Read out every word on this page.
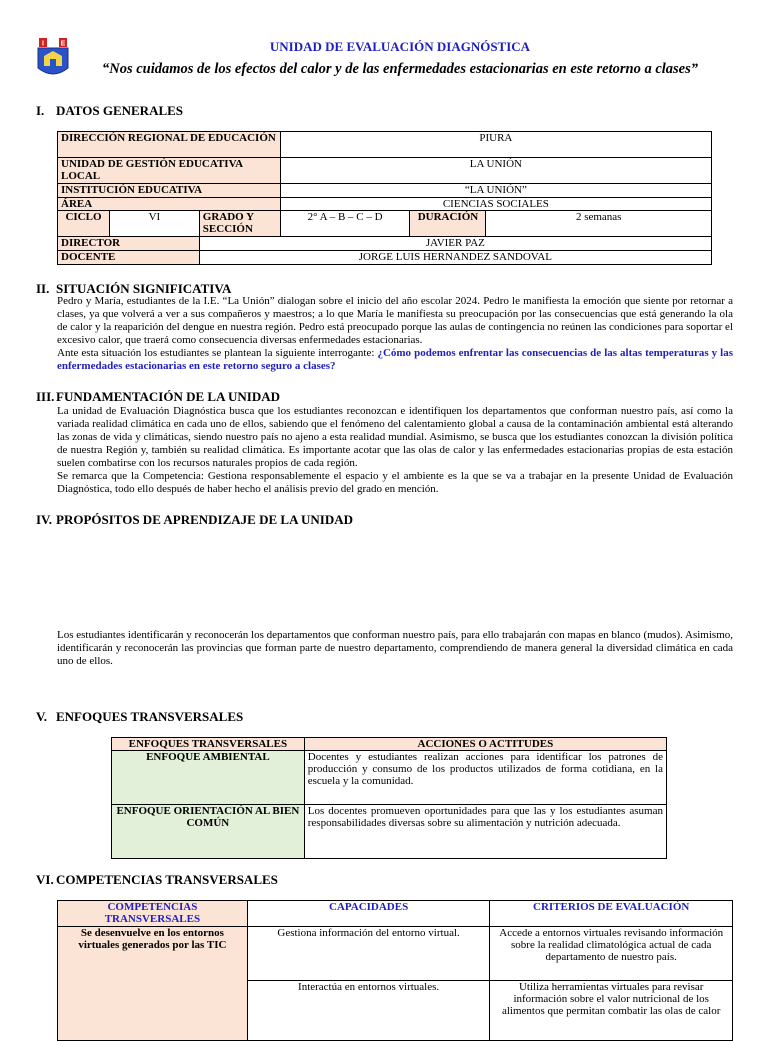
I E	UNIDAD DE EVALUACIÓN DIAGNÓSTICA
“Nos cuidamos de los efectos del calor y de las enfermedades estacionarias en este retorno a clases”
I. DATOS GENERALES
DIRECCIÓN REGIONAL DE EDUCACIÓN			PIURA		
UNIDAD DE GESTIÓN EDUCATIVA LOCAL			LA UNIÓN		
INSTITUCIÓN EDUCATIVA			“LA UNIÓN”		
ÁREA			CIENCIAS SOCIALES		
CICLO	VI	GRADO Y SECCIÓN	2° A – B – C – D	DURACIÓN	2 semanas
DIRECTOR		JAVIER PAZ			
DOCENTE		JORGE LUIS HERNANDEZ SANDOVAL			
II. SITUACIÓN SIGNIFICATIVA

Pedro y María, estudiantes de la I.E. “La Unión” dialogan sobre el inicio del año escolar 2024. Pedro le manifiesta la emoción que siente por retornar a clases, ya que volverá a ver a sus compañeros y maestros; a lo que María le manifiesta su preocupación por las consecuencias que está generando la ola de calor y la reaparición del dengue en nuestra región. Pedro está preocupado porque las aulas de contingencia no reúnen las condiciones para soportar el excesivo calor, que traerá como consecuencia diversas enfermedades estacionarias.

Ante esta situación los estudiantes se plantean la siguiente interrogante: ¿Cómo podemos enfrentar las consecuencias de las altas temperaturas y las enfermedades estacionarias en este retorno seguro a clases?

III. FUNDAMENTACIÓN DE LA UNIDAD

La unidad de Evaluación Diagnóstica busca que los estudiantes reconozcan e identifiquen los departamentos que conforman nuestro país, así como la variada realidad climática en cada uno de ellos, sabiendo que el fenómeno del calentamiento global a causa de la contaminación ambiental está alterando las zonas de vida y climáticas, siendo nuestro país no ajeno a esta realidad mundial. Asimismo, se busca que los estudiantes conozcan la división política de nuestra Región y, también su realidad climática. Es importante acotar que las olas de calor y las enfermedades estacionarias propias de esta estación suelen combatirse con los recursos naturales propios de cada región.

Se remarca que la Competencia: Gestiona responsablemente el espacio y el ambiente es la que se va a trabajar en la presente Unidad de Evaluación Diagnóstica, todo ello después de haber hecho el análisis previo del grado en mención.

IV. PROPÓSITOS DE APRENDIZAJE DE LA UNIDAD

Los estudiantes identificarán y reconocerán los departamentos que conforman nuestro país, para ello trabajarán con mapas en blanco (mudos). Asimismo, identificarán y reconocerán las provincias que forman parte de nuestro departamento, comprendiendo de manera general la diversidad climática en cada uno de ellos.

V. ENFOQUES TRANSVERSALES
ENFOQUES TRANSVERSALES	ACCIONES O ACTITUDES
ENFOQUE AMBIENTAL	Docentes y estudiantes realizan acciones para identificar los patrones de producción y consumo de los productos utilizados de forma cotidiana, en la escuela y la comunidad.
ENFOQUE ORIENTACIÓN AL BIEN COMÚN	Los docentes promueven oportunidades para que las y los estudiantes asuman responsabilidades diversas sobre su alimentación y nutrición adecuada.
VI. COMPETENCIAS TRANSVERSALES
COMPETENCIAS TRANSVERSALES	CAPACIDADES	CRITERIOS DE EVALUACIÓN
Se desenvuelve en los entornos virtuales generados por las TIC	Gestiona información del entorno virtual.	Accede a entornos virtuales revisando información sobre la realidad climatológica actual de cada departamento de nuestro país.
	Interactúa en entornos virtuales.	Utiliza herramientas virtuales para revisar información sobre el valor nutricional de los alimentos que permitan combatir las olas de calor
